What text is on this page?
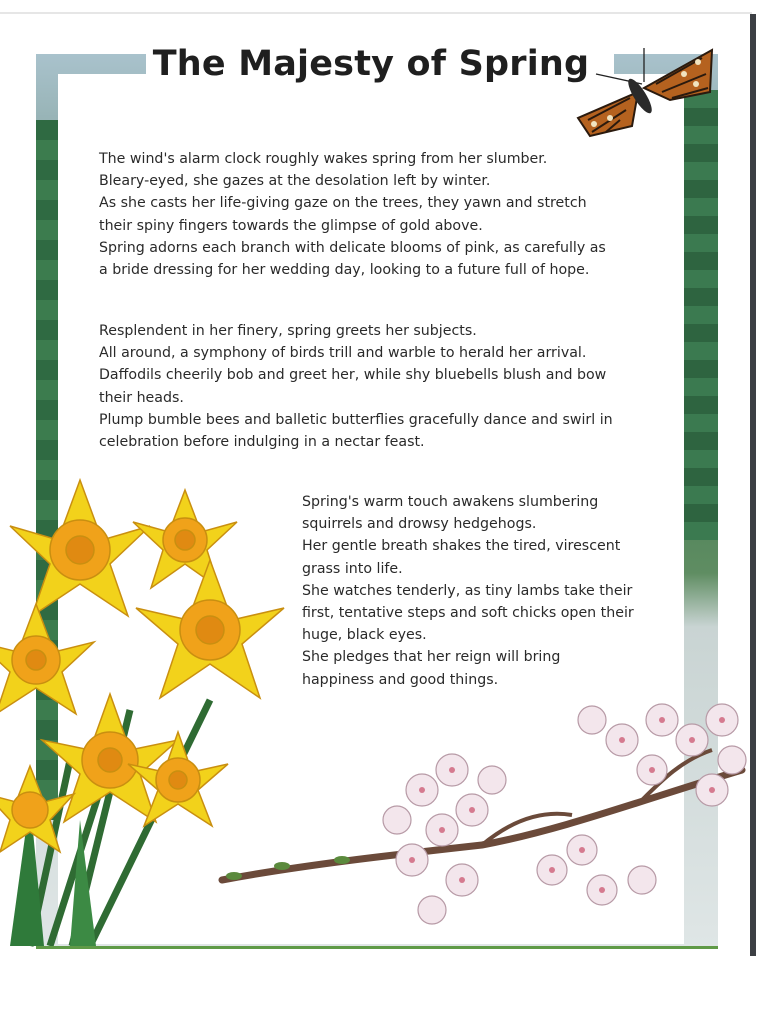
The Majesty of Spring

The wind's alarm clock roughly wakes spring from her slumber.
Bleary-eyed, she gazes at the desolation left by winter.
As she casts her life-giving gaze on the trees, they yawn and stretch
their spiny fingers towards the glimpse of gold above.
Spring adorns each branch with delicate blooms of pink, as carefully as
a bride dressing for her wedding day, looking to a future full of hope.

Resplendent in her finery, spring greets her subjects.
All around, a symphony of birds trill and warble to herald her arrival.
Daffodils cheerily bob and greet her, while shy bluebells blush and bow
their heads.
Plump bumble bees and balletic butterflies gracefully dance and swirl in
celebration before indulging in a nectar feast.

Spring's warm touch awakens slumbering
squirrels and drowsy hedgehogs.
Her gentle breath shakes the tired, virescent
grass into life.
She watches tenderly, as tiny lambs take their
first, tentative steps and soft chicks open their
huge, black eyes.
She pledges that her reign will bring
happiness and good things.
